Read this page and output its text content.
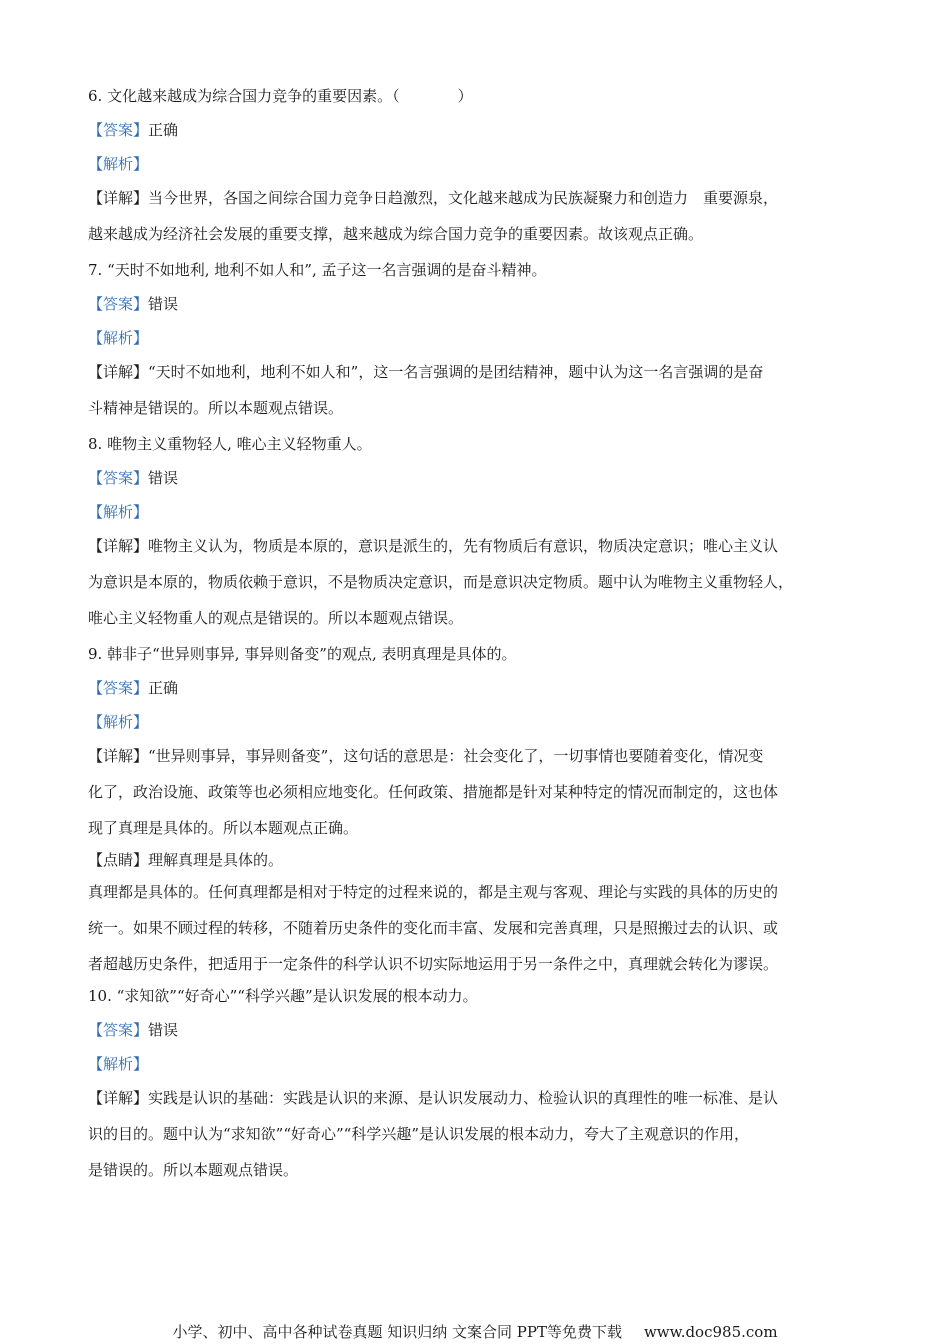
6. 文化越来越成为综合国力竞争的重要因素。（	）
【答案】正确
【解析】
【详解】当今世界，各国之间综合国力竞争日趋激烈，文化越来越成为民族凝聚力和创造力　重要源泉，
越来越成为经济社会发展的重要支撑，越来越成为综合国力竞争的重要因素。故该观点正确。
7. “天时不如地利, 地利不如人和”, 孟子这一名言强调的是奋斗精神。
【答案】错误
【解析】
【详解】“天时不如地利，地利不如人和”，这一名言强调的是团结精神，题中认为这一名言强调的是奋
斗精神是错误的。所以本题观点错误。
8. 唯物主义重物轻人, 唯心主义轻物重人。
【答案】错误
【解析】
【详解】唯物主义认为，物质是本原的，意识是派生的，先有物质后有意识，物质决定意识；唯心主义认
为意识是本原的，物质依赖于意识，不是物质决定意识，而是意识决定物质。题中认为唯物主义重物轻人，
唯心主义轻物重人的观点是错误的。所以本题观点错误。
9. 韩非子“世异则事异, 事异则备变”的观点, 表明真理是具体的。
【答案】正确
【解析】
【详解】“世异则事异，事异则备变”，这句话的意思是：社会变化了，一切事情也要随着变化，情况变
化了，政治设施、政策等也必须相应地变化。任何政策、措施都是针对某种特定的情况而制定的，这也体
现了真理是具体的。所以本题观点正确。
【点睛】理解真理是具体的。
真理都是具体的。任何真理都是相对于特定的过程来说的，都是主观与客观、理论与实践的具体的历史的
统一。如果不顾过程的转移，不随着历史条件的变化而丰富、发展和完善真理，只是照搬过去的认识、或
者超越历史条件，把适用于一定条件的科学认识不切实际地运用于另一条件之中，真理就会转化为谬误。
10. “求知欲”“好奇心”“科学兴趣”是认识发展的根本动力。
【答案】错误
【解析】
【详解】实践是认识的基础：实践是认识的来源、是认识发展动力、检验认识的真理性的唯一标准、是认
识的目的。题中认为“求知欲”“好奇心”“科学兴趣”是认识发展的根本动力，夸大了主观意识的作用，
是错误的。所以本题观点错误。
小学、初中、高中各种试卷真题 知识归纳 文案合同 PPT等免费下载 www.doc985.com
